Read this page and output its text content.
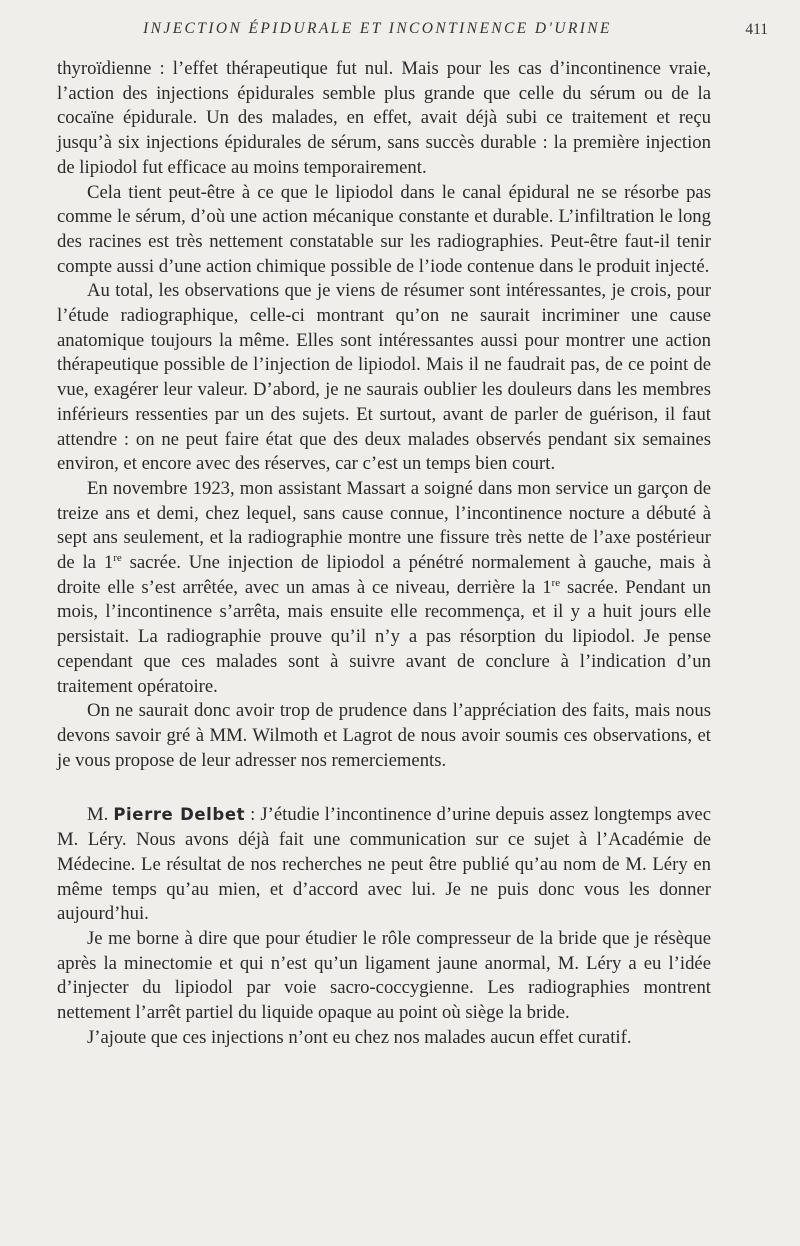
INJECTION ÉPIDURALE ET INCONTINENCE D'URINE	411

thyroïdienne : l’effet thérapeutique fut nul. Mais pour les cas d’incontinence vraie, l’action des injections épidurales semble plus grande que celle du sérum ou de la cocaïne épidurale. Un des malades, en effet, avait déjà subi ce traitement et reçu jusqu’à six injections épidurales de sérum, sans succès durable : la première injection de lipiodol fut efficace au moins temporairement.

Cela tient peut-être à ce que le lipiodol dans le canal épidural ne se résorbe pas comme le sérum, d’où une action mécanique constante et durable. L’infiltration le long des racines est très nettement constatable sur les radiographies. Peut-être faut-il tenir compte aussi d’une action chimique possible de l’iode contenue dans le produit injecté.

Au total, les observations que je viens de résumer sont intéressantes, je crois, pour l’étude radiographique, celle-ci montrant qu’on ne saurait incriminer une cause anatomique toujours la même. Elles sont intéressantes aussi pour montrer une action thérapeutique possible de l’injection de lipiodol. Mais il ne faudrait pas, de ce point de vue, exagérer leur valeur. D’abord, je ne saurais oublier les douleurs dans les membres inférieurs ressenties par un des sujets. Et surtout, avant de parler de guérison, il faut attendre : on ne peut faire état que des deux malades observés pendant six semaines environ, et encore avec des réserves, car c’est un temps bien court.

En novembre 1923, mon assistant Massart a soigné dans mon service un garçon de treize ans et demi, chez lequel, sans cause connue, l’incontinence nocture a débuté à sept ans seulement, et la radiographie montre une fissure très nette de l’axe postérieur de la 1re sacrée. Une injection de lipiodol a pénétré normalement à gauche, mais à droite elle s’est arrêtée, avec un amas à ce niveau, derrière la 1re sacrée. Pendant un mois, l’incontinence s’arrêta, mais ensuite elle recommença, et il y a huit jours elle persistait. La radiographie prouve qu’il n’y a pas résorption du lipiodol. Je pense cependant que ces malades sont à suivre avant de conclure à l’indication d’un traitement opératoire.

On ne saurait donc avoir trop de prudence dans l’appréciation des faits, mais nous devons savoir gré à MM. Wilmoth et Lagrot de nous avoir soumis ces observations, et je vous propose de leur adresser nos remerciements.

M. Pierre Delbet : J’étudie l’incontinence d’urine depuis assez longtemps avec M. Léry. Nous avons déjà fait une communication sur ce sujet à l’Académie de Médecine. Le résultat de nos recherches ne peut être publié qu’au nom de M. Léry en même temps qu’au mien, et d’accord avec lui. Je ne puis donc vous les donner aujourd’hui.

Je me borne à dire que pour étudier le rôle compresseur de la bride que je résèque après la minectomie et qui n’est qu’un ligament jaune anormal, M. Léry a eu l’idée d’injecter du lipiodol par voie sacro-coccygienne. Les radiographies montrent nettement l’arrêt partiel du liquide opaque au point où siège la bride.

J’ajoute que ces injections n’ont eu chez nos malades aucun effet curatif.
